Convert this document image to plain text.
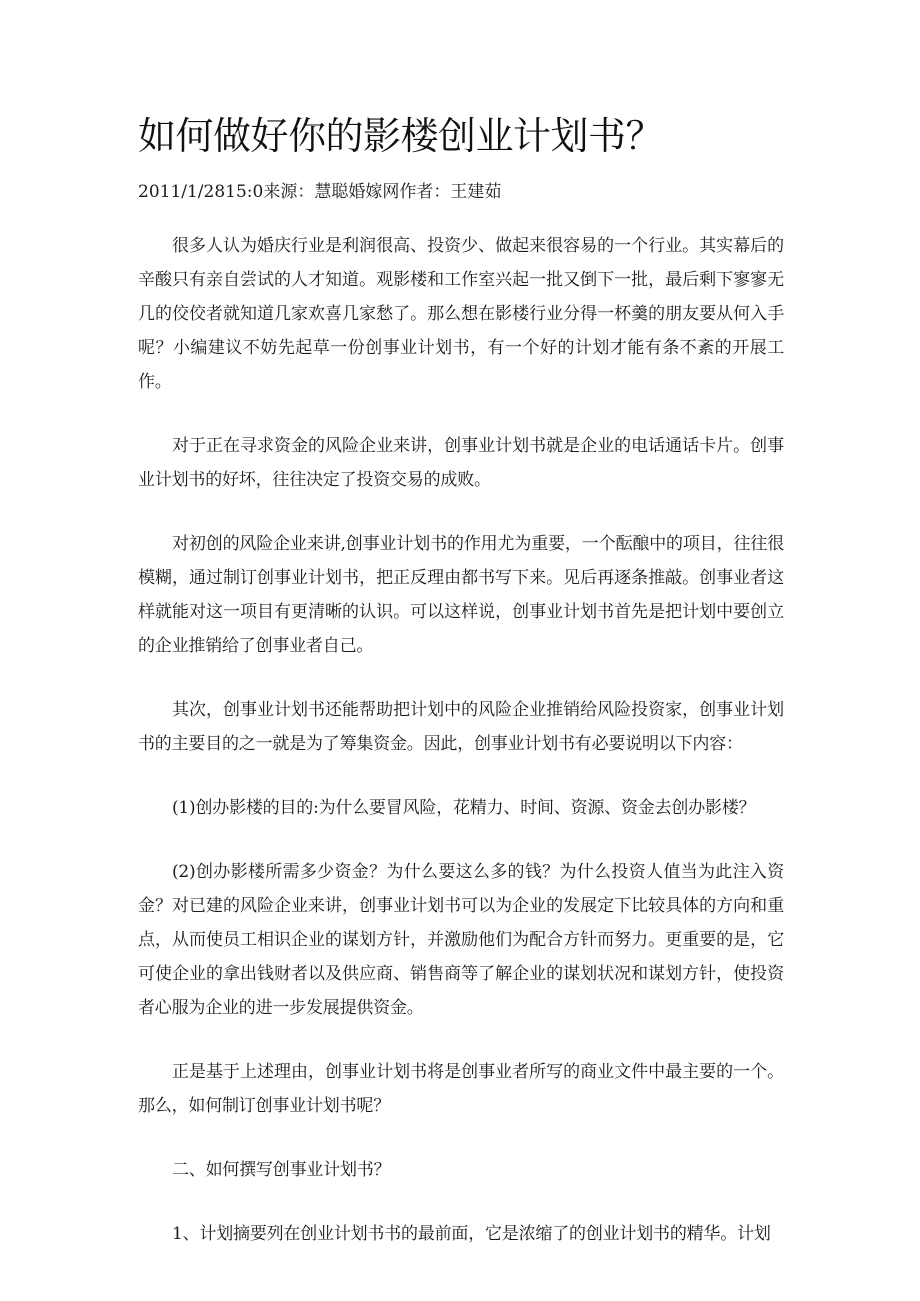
如何做好你的影楼创业计划书？

2011/1/2815:0来源：慧聪婚嫁网作者：王建茹

很多人认为婚庆行业是利润很高、投资少、做起来很容易的一个行业。其实幕后的辛酸只有亲自尝试的人才知道。观影楼和工作室兴起一批又倒下一批，最后剩下寥寥无几的佼佼者就知道几家欢喜几家愁了。那么想在影楼行业分得一杯羹的朋友要从何入手呢？小编建议不妨先起草一份创事业计划书，有一个好的计划才能有条不紊的开展工作。

对于正在寻求资金的风险企业来讲，创事业计划书就是企业的电话通话卡片。创事业计划书的好坏，往往决定了投资交易的成败。

对初创的风险企业来讲,创事业计划书的作用尤为重要，一个酝酿中的项目，往往很模糊，通过制订创事业计划书，把正反理由都书写下来。见后再逐条推敲。创事业者这样就能对这一项目有更清晰的认识。可以这样说，创事业计划书首先是把计划中要创立的企业推销给了创事业者自己。

其次，创事业计划书还能帮助把计划中的风险企业推销给风险投资家，创事业计划书的主要目的之一就是为了筹集资金。因此，创事业计划书有必要说明以下内容：

(1)创办影楼的目的:为什么要冒风险，花精力、时间、资源、资金去创办影楼？

(2)创办影楼所需多少资金？为什么要这么多的钱？为什么投资人值当为此注入资金？对已建的风险企业来讲，创事业计划书可以为企业的发展定下比较具体的方向和重点，从而使员工相识企业的谋划方针，并激励他们为配合方针而努力。更重要的是，它可使企业的拿出钱财者以及供应商、销售商等了解企业的谋划状况和谋划方针，使投资者心服为企业的进一步发展提供资金。

正是基于上述理由，创事业计划书将是创事业者所写的商业文件中最主要的一个。那么，如何制订创事业计划书呢？

二、如何撰写创事业计划书？

1、计划摘要列在创业计划书书的最前面，它是浓缩了的创业计划书的精华。计划
